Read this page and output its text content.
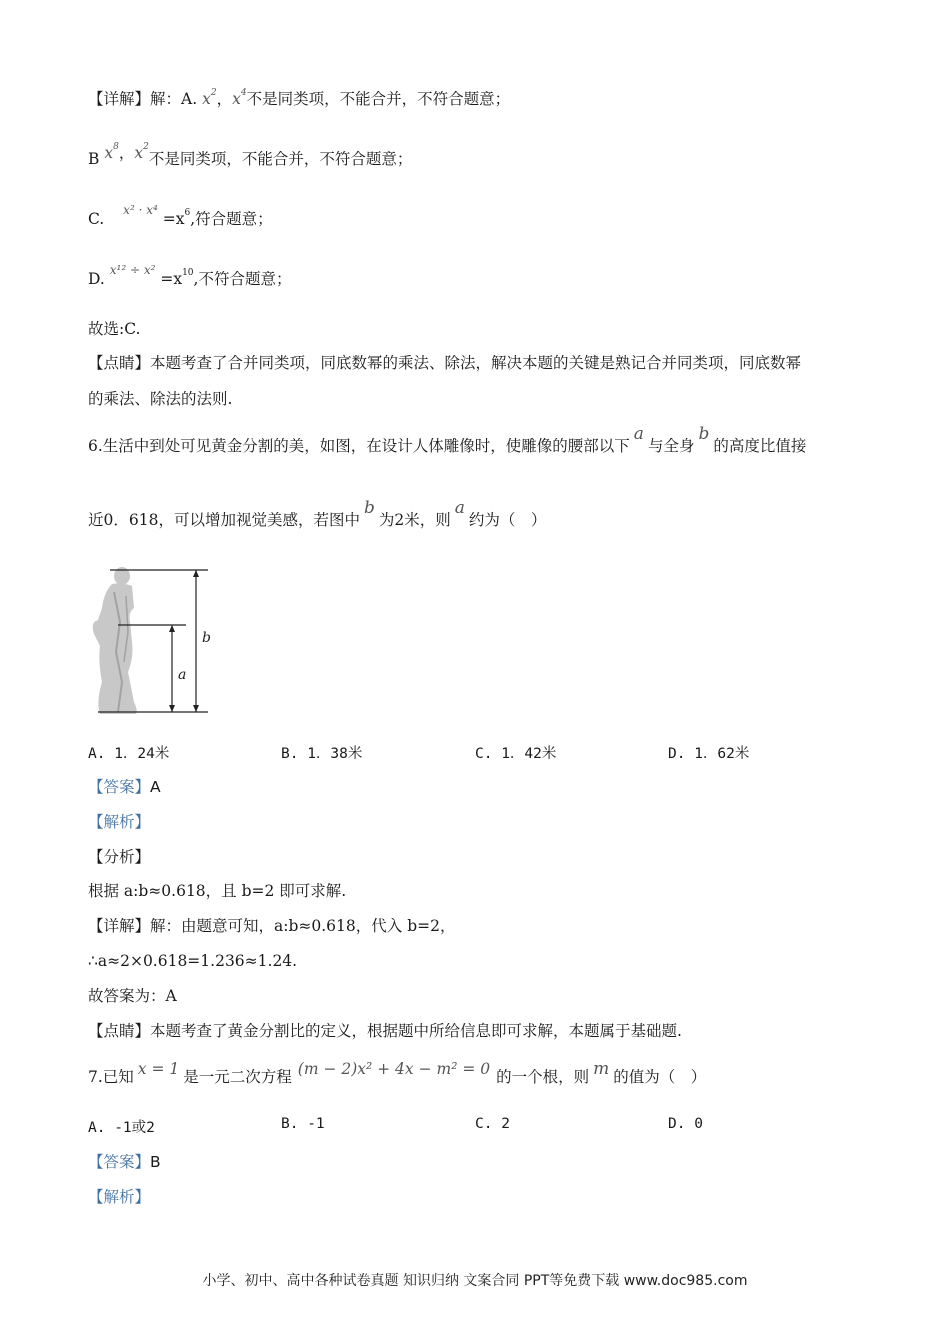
【详解】解：A. $x^2$，$x^4$不是同类项，不能合并，不符合题意；
B $x^8$，$x^2$不是同类项，不能合并，不符合题意；
C. $^{x^2 \cdot x^4} =x^6$,符合题意；
D. $^{x^{12} \div x^2} =x^{10}$,不符合题意；
故选:C.
【点睛】本题考查了合并同类项，同底数幂的乘法、除法，解决本题的关键是熟记合并同类项，同底数幂
的乘法、除法的法则.
6.生活中到处可见黄金分割的美，如图，在设计人体雕像时，使雕像的腰部以下a与全身b的高度比值接
近0．618，可以增加视觉美感，若图中b为2米，则a约为（　）
a
b
A. 1．24米	B. 1．38米	C. 1．42米	D. 1．62米
【答案】A
【解析】
【分析】
根据 a:b≈0.618，且 b=2 即可求解.
【详解】解：由题意可知，a:b≈0.618，代入 b=2，
∴a≈2×0.618=1.236≈1.24.
故答案为：A
【点睛】本题考查了黄金分割比的定义，根据题中所给信息即可求解，本题属于基础题.
7.已知 x = 1 是一元二次方程 (m − 2)x² + 4x − m² = 0 的一个根，则 m 的值为（　）
A. -1或2	B. -1	C. 2	D. 0
【答案】B
【解析】
小学、初中、高中各种试卷真题 知识归纳 文案合同 PPT等免费下载 www.doc985.com
